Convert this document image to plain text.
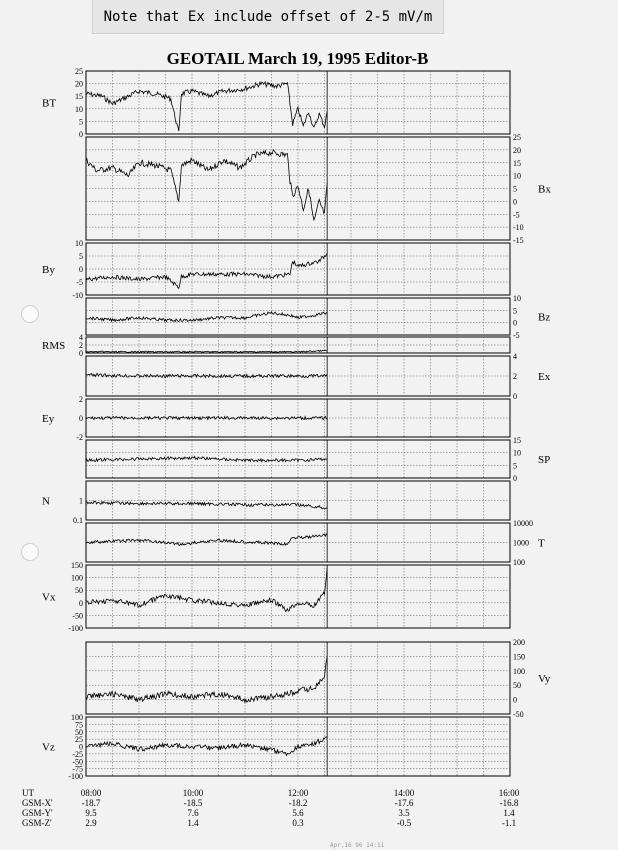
Note that Ex include offset of 2-5 mV/m
GEOTAIL March 19, 1995 Editor-B
0
5
10
15
20
25
BT
-15
-10
-5
0
5
10
15
20
25
Bx
-10
-5
0
5
10
By
-5
0
5
10
Bz
0
2
4
RMS
0
2
4
Ex
-2
0
2
Ey
0
5
10
15
SP
0.1
1
N
100
1000
10000
T
-100
-50
0
50
100
150
Vx
-50
0
50
100
150
200
Vy
-100
-75
-50
-25
0
25
50
75
100
Vz
UT	08:00	10:00	12:00	14:00	16:00
GSM-X'	-18.7	-18.5	-18.2	-17.6	-16.8
GSM-Y'	9.5	7.6	5.6	3.5	1.4
GSM-Z'	2.9	1.4	0.3	-0.5	-1.1
Apr.16 96 14:11
